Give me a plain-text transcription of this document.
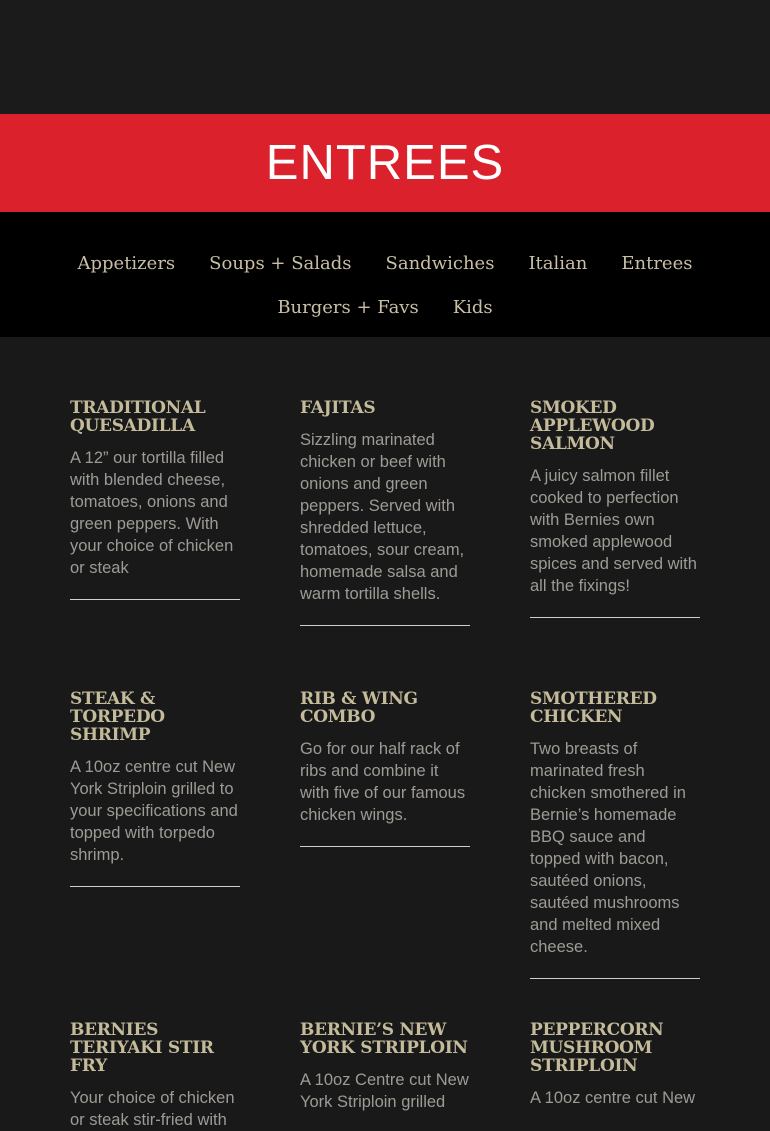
ENTREES
Appetizers Soups + Salads Sandwiches Italian Entrees
Burgers + Favs Kids
TRADITIONAL QUESADILLA

A 12” our tortilla filled with blended cheese, tomatoes, onions and green peppers. With your choice of chicken or steak

FAJITAS

Sizzling marinated chicken or beef with onions and green peppers. Served with shredded lettuce, tomatoes, sour cream, homemade salsa and warm tortilla shells.

SMOKED APPLEWOOD SALMON

A juicy salmon fillet cooked to perfection with Bernies own smoked applewood spices and served with all the fixings!

STEAK & TORPEDO SHRIMP

A 10oz centre cut New York Striploin grilled to your specifications and topped with torpedo shrimp.

RIB & WING COMBO

Go for our half rack of ribs and combine it with five of our famous chicken wings.

SMOTHERED CHICKEN

Two breasts of marinated fresh chicken smothered in Bernie’s homemade BBQ sauce and topped with bacon, sautéed onions, sautéed mushrooms and melted mixed cheese.

BERNIES TERIYAKI STIR FRY

Your choice of chicken or steak stir-fried with

BERNIE’S NEW YORK STRIPLOIN

A 10oz Centre cut New York Striploin grilled

PEPPERCORN MUSHROOM STRIPLOIN

A 10oz centre cut New
